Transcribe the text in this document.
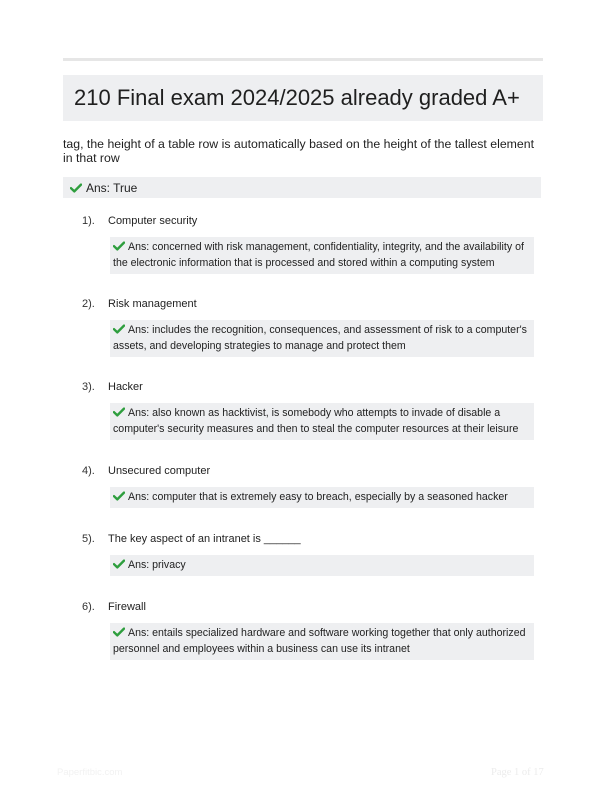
210 Final exam 2024/2025 already graded A+
tag, the height of a table row is automatically based on the height of the tallest element in that row
Ans: True
1).	Computer security
Ans: concerned with risk management, confidentiality, integrity, and the availability of the electronic information that is processed and stored within a computing system
2).	Risk management
Ans: includes the recognition, consequences, and assessment of risk to a computer's assets, and developing strategies to manage and protect them
3).	Hacker
Ans: also known as hacktivist, is somebody who attempts to invade of disable a computer's security measures and then to steal the computer resources at their leisure
4).	Unsecured computer
Ans: computer that is extremely easy to breach, especially by a seasoned hacker
5).	The key aspect of an intranet is ______
Ans: privacy
6).	Firewall
Ans: entails specialized hardware and software working together that only authorized personnel and employees within a business can use its intranet
Paperfitbic.com	Page 1 of 17
